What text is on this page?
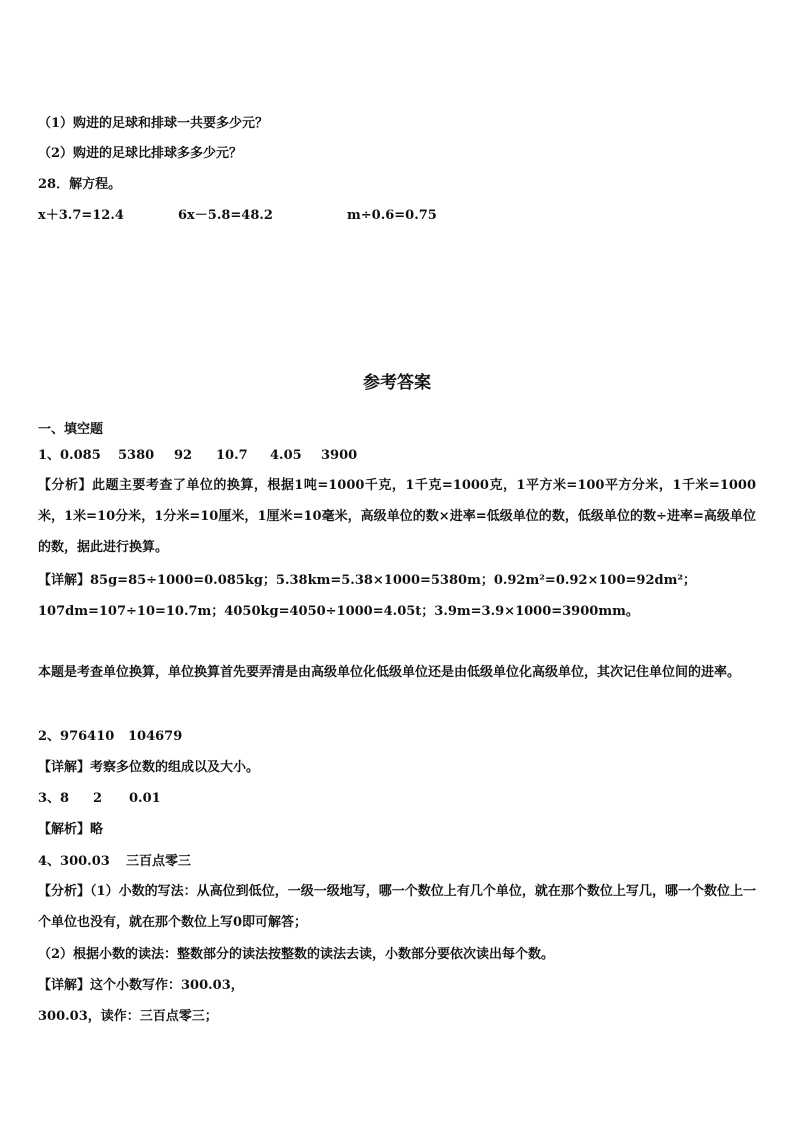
（1）购进的足球和排球一共要多少元？
（2）购进的足球比排球多多少元？
28．解方程。
x＋3.7=12.4	6x－5.8=48.2	m÷0.6=0.75
参考答案
一、填空题
1、0.085 5380 92 10.7 4.05 3900
【分析】此题主要考查了单位的换算，根据1吨=1000千克，1千克=1000克，1平方米=100平方分米，1千米=1000米，1米=10分米，1分米=10厘米，1厘米=10毫米，高级单位的数×进率=低级单位的数，低级单位的数÷进率=高级单位的数，据此进行换算。
【详解】85g=85÷1000=0.085kg；5.38km=5.38×1000=5380m；0.92m²=0.92×100=92dm²；
107dm=107÷10=10.7m；4050kg=4050÷1000=4.05t；3.9m=3.9×1000=3900mm。
本题是考查单位换算，单位换算首先要弄清是由高级单位化低级单位还是由低级单位化高级单位，其次记住单位间的进率。
2、976410 104679
【详解】考察多位数的组成以及大小。
3、8 2 0.01
【解析】略
4、300.03 三百点零三
【分析】（1）小数的写法：从高位到低位，一级一级地写，哪一个数位上有几个单位，就在那个数位上写几，哪一个数位上一个单位也没有，就在那个数位上写0即可解答；
（2）根据小数的读法：整数部分的读法按整数的读法去读，小数部分要依次读出每个数。
【详解】这个小数写作：300.03，
300.03，读作：三百点零三；
